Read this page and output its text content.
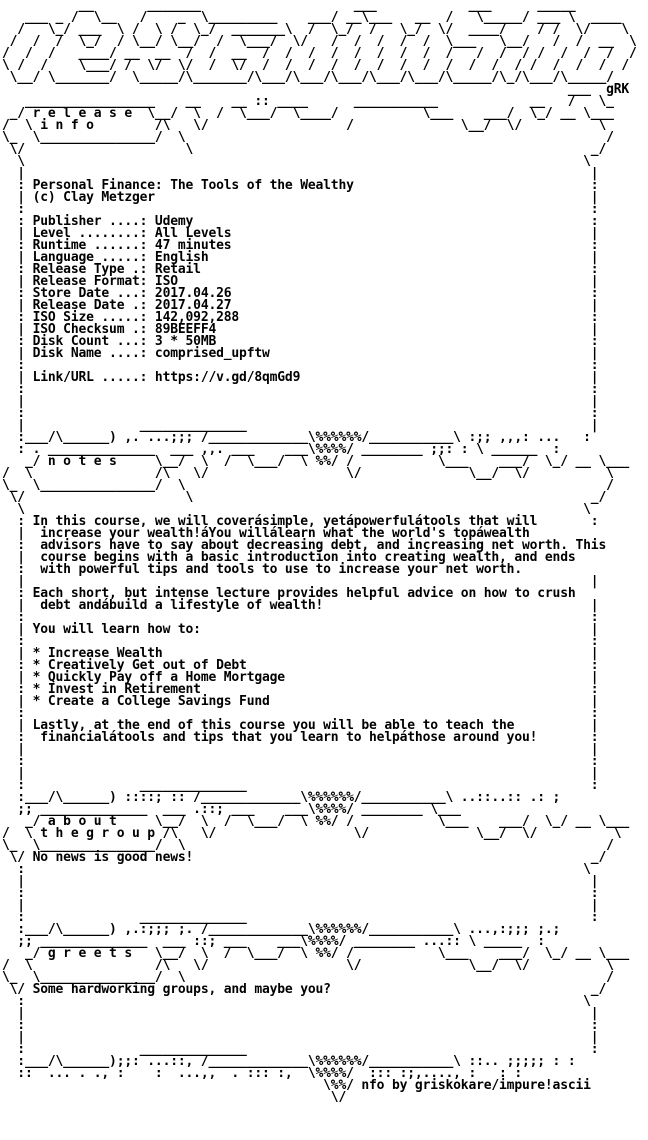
__       _______                    ___            ___      _____
___ _ /  \__   /    _  \_________    ___/ __\___   __  /   \_____/ ___ \  ____
/   \_/ ___  \ /  \ /  \_/  _______\  /  \_/  /   \_/  \/  ____/    / /  \/    \
/  /  /  \_/  / \__/ \__/  /  \___/  \/   /  /  /  /  /  \___   \__/   /  /  __  \
/  /  /   ____/ __  __  /  /  __  /  /  /  /  /  /  /  /  /   /  /  / /  /  /  /  /
\ /  /    \___/ /  \/  \/  /  \/  /  /  /  /  /  /  /  /  /  /  /  / /  /  /  /  /
\__/ \_______/  \_____/\_______/\___/\___/\___/\___/\___/\_____/\_/\___/\_____/
___  gRK
_________________    __    __ :: ____      ___________            __   /   \_
_/ r e l e a s e  \__/  \  /  \___/  \____/           \___    ___/  \_/ __ \___
/  \ i n f o        /\   \/                  /              \__/  \/          \
\_  \_______________/  \                                                       /
\/                     \                                                    _/
\                                                                         \
|                                                                          |
: Personal Finance: The Tools of the Wealthy                               :
| (c) Clay Metzger                                                         |
:                                                                          :
: Publisher ....: Udemy                                                    :
| Level ........: All Levels                                               |
: Runtime ......: 47 minutes                                               :
| Language .....: English                                                  |
: Release Type .: Retail                                                   :
| Release Format: ISO                                                      |
: Store Date ...: 2017.04.26                                               :
| Release Date .: 2017.04.27                                               |
: ISO Size .....: 142,092,288                                              :
| ISO Checksum .: 89BEEFF4                                                 |
: Disk Count ...: 3 * 50MB                                                 :
| Disk Name ....: comprised_upftw                                          |
:                                                                          :
| Link/URL .....: https://v.gd/8qmGd9                                      |
:                                                                          :
|                                                                          |
:                                                                          :
|               ______________                                             |
:___/\______) ,. ...;;; /_____________\%%%%%%/___________\ :;; ,,,: ...   :
: . ______________  ___ ,,. ___    ___\%%%%/ ________ ;;: : \ ______  :
_/ n o t e s     \__/  \  /  \___/  \ %%/ /           \___    ___/  \_/ __ \___
/  \                /\   \/                  \/              \__/  \/          \
\_  \_______________/  \                                                       /
\/                     \                                                    _/
\                                                                         \
: In this course, we will coverásimple, yetápowerfulátools that will       :
|  increase your wealth!áYou willálearn what the world's topáwealth
:  advisors have to say about decreasing debt, and increasing net worth. This
|  course begins with a basic introduction into creating wealth, and ends
:  with powerful tips and tools to use to increase your net worth.
|                                                                          |
: Each short, but intense lecture provides helpful advice on how to crush
|  debt andábuild a lifestyle of wealth!                                   |
:                                                                          :
| You will learn how to:                                                   |
:                                                                          :
| * Increase Wealth                                                        |
: * Creatively Get out of Debt                                             :
| * Quickly Pay off a Home Mortgage                                        |
: * Invest in Retirement                                                   :
| * Create a College Savings Fund                                          |
:                                                                          :
| Lastly, at the end of this course you will be able to teach the          |
:  financialátools and tips that you learn to helpáthose around you!       :
|                                                                          |
:                                                                          :
|                                                                          |
:               ______________                                             :
:___/\______) ::::; :: /_____________\%%%%%%/___________\ ..::..:: .: ;
;; ______________  ___ .::; ___    ___\%%%%/ ________ \___
_/ a b o u t     \__/  \  /  \___/  \ %%/ /           \___    ___/  \_/ __ \___
/  \ t h e g r o u p /\   \/                  \/              \__/  \/          \
\_  \_______________/  \                                                       /
\/ No news is good news!                                                    _/
:                                                                         \
|                                                                          |
:                                                                          :
|                                                                          |
:               ______________                                             :
:___/\______) ,.:;;; ;. /_____________\%%%%%%/___________\ ...,:;;; ;.;
;; ______________  ___ ::; ___    ___\%%%%/ ________ ...:: \ _____  :
_/ g r e e t s   \__/  \  /  \___/  \ %%/ /           \___    ___/  \_/ __ \___
/  \                /\   \/                  \/              \__/  \/          \
\_  \_______________/  \                                                       /
\/ Some hardworking groups, and maybe you?                                  _/
:                                                                         \
|                                                                          |
:                                                                          :
|                                                                          |
:               ______________                                             :
:___/\______);;: ...::, /_____________\%%%%%%/___________\ ::.. ;;;;; : :
::  ... . ., :    :  ...,,  . ::: :,  \%%%%/  ::: :;,...., :   : :
\%%/ nfo by griskokare/impure!ascii
\/
